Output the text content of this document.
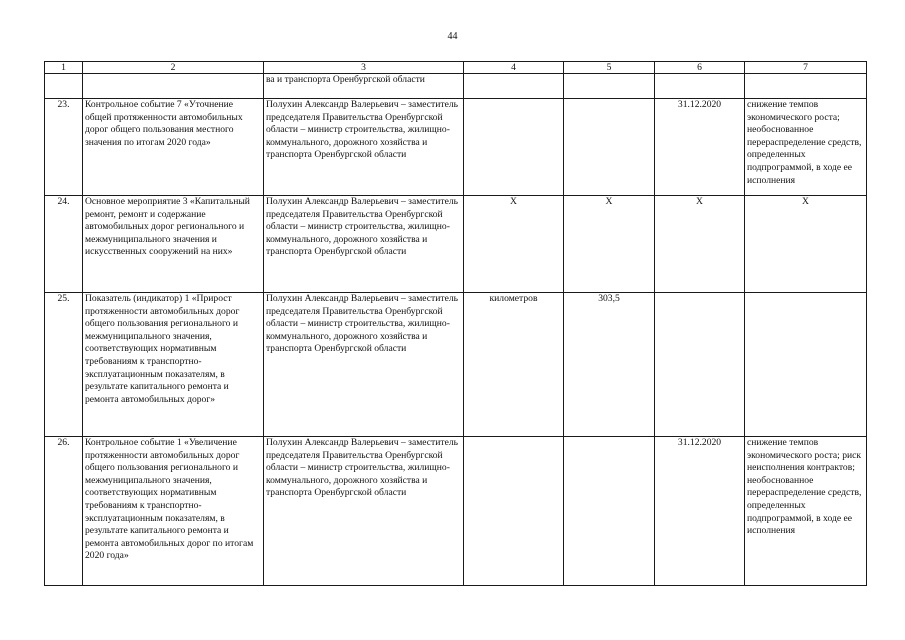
44
1	2	3	4	5	6	7
		ва и транспорта Оренбургской области				
23.	Контрольное событие 7 «Уточнение общей протяженности автомобильных дорог общего пользования местного значения по итогам 2020 года»	Полухин Александр Валерьевич – заместитель председателя Правительства Оренбургской области – министр строительства, жилищно-коммунального, дорожного хозяйства и транспорта Оренбургской области			31.12.2020	снижение темпов экономического роста; необоснованное перераспределение средств, определенных подпрограммой, в ходе ее исполнения
24.	Основное мероприятие 3 «Капитальный ремонт, ремонт и содержание автомобильных дорог регионального и межмуниципального значения и искусственных сооружений на них»	Полухин Александр Валерьевич – заместитель председателя Правительства Оренбургской области – министр строительства, жилищно-коммунального, дорожного хозяйства и транспорта Оренбургской области	Х	Х	Х	Х
25.	Показатель (индикатор) 1 «Прирост протяженности автомобильных дорог общего пользования регионального и межмуниципального значения, соответствующих нормативным требованиям к транспортно-эксплуатационным показателям, в результате капитального ремонта и ремонта автомобильных дорог»	Полухин Александр Валерьевич – заместитель председателя Правительства Оренбургской области – министр строительства, жилищно-коммунального, дорожного хозяйства и транспорта Оренбургской области	километров	303,5		
26.	Контрольное событие 1 «Увеличение протяженности автомобильных дорог общего пользования регионального и межмуниципального значения, соответствующих нормативным требованиям к транспортно-эксплуатационным показателям, в результате капитального ремонта и ремонта автомобильных дорог по итогам 2020 года»	Полухин Александр Валерьевич – заместитель председателя Правительства Оренбургской области – министр строительства, жилищно-коммунального, дорожного хозяйства и транспорта Оренбургской области			31.12.2020	снижение темпов экономического роста; риск неисполнения контрактов; необоснованное перераспределение средств, определенных подпрограммой, в ходе ее исполнения
